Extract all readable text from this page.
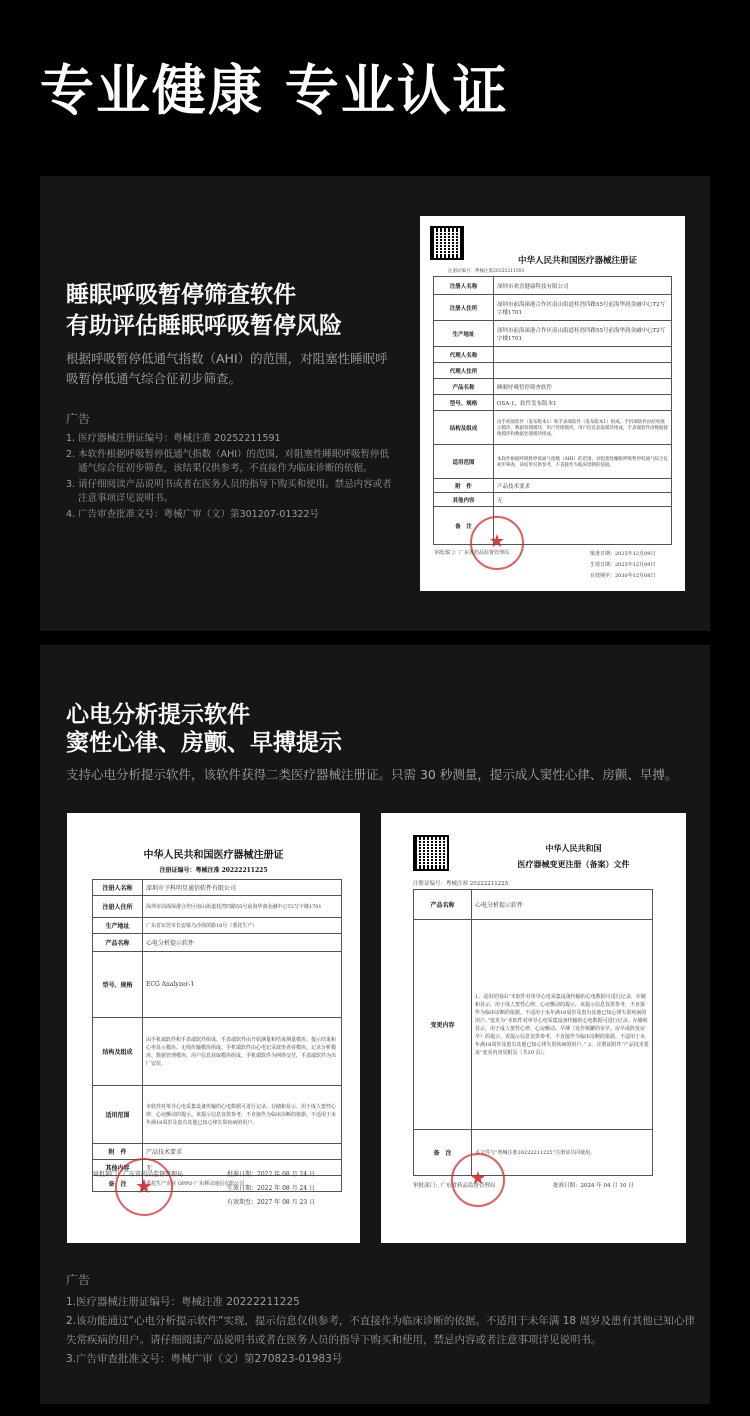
专业健康 专业认证
睡眠呼吸暂停筛查软件
有助评估睡眠呼吸暂停风险

根据呼吸暂停低通气指数（AHI）的范围，对阻塞性睡眠呼吸暂停低通气综合征初步筛查。

广告
1. 医疗器械注册证编号：粤械注准 20252211591
2. 本软件根据呼吸暂停低通气指数（AHI）的范围，对阻塞性睡眠呼吸暂停低通气综合征初步筛查，该结果仅供参考，不直接作为临床诊断的依据。
3. 请仔细阅读产品说明书或者在医务人员的指导下购买和使用。禁忌内容或者注意事项详见说明书。
4. 广告审查批准文号：粤械广审（文）第301207-01322号
中华人民共和国医疗器械注册证
注册证编号：粤械注准20252211591
注册人名称	深圳市欢喜健康科技有限公司
注册人住所	深圳市前海深港合作区南山街道桂湾四路55号前海华润金融中心T2写字楼1701
生产地址	深圳市前海深港合作区南山街道桂湾四路55号前海华润金融中心T2写字楼1701
代理人名称	
代理人住所	
产品名称	睡眠呼吸暂停筛查软件
型号、规格	OSA-1，软件发布版本1
结构及组成	由手机端软件（发布版本1）和手表端软件（发布版本1）组成。手机端软件由结果展示模块、数据管理模块、用户管理模块、用户信息获取模块组成，手表端软件由数据接收模块和数据处理模块组成。
适用范围	本软件根据呼吸暂停低通气指数（AHI）的范围，对阻塞性睡眠呼吸暂停低通气综合征初步筛查，该结果仅供参考，不直接作为临床诊断的依据。
附　件	产品技术要求
其他内容	无
备　注	
★
审批部门：广东省药品监督管理局	批准日期：2025年12月09日
生效日期：2025年12月09日
有效期至：2030年12月08日
心电分析提示软件
窦性心律、房颤、早搏提示

支持心电分析提示软件，该软件获得二类医疗器械注册证。只需 30 秒测量，提示成人窦性心律、房颤、早搏。

中华人民共和国医疗器械注册证
注册证编号：粤械注准 20222211225
注册人名称	深圳市予科明星通信软件有限公司
注册人住所	深圳市前海深港合作区南山街道桂湾四路55号前海华润金融中心T2写字楼1701
生产地址	广东省东莞市长安镇乌沙海滨路18号（委托生产）
产品名称	心电分析提示软件
型号、规格	ECG Analyzer-1
结构及组成	由手机端软件和手表端软件组成。手表端软件由开始测量和结束测量模块、提示结果和心率显示模块、无线传输模块组成。手机端软件由心电记录波形查看模块、记录分析模块、数据管理模块、用户信息获取模块组成。手机端软件为网络交付，手表端软件为出厂安装。
适用范围	本软件对单导心电采集设备传输的心电数据可进行记录、存储和显示，用于成人窦性心律、心房颤动的提示。该提示信息仅供参考，不直接作为临床诊断的依据。不适用于未年满18周岁及患有其他已知心律失常疾病的用户。
附　件	产品技术要求
其他内容	无
备　注	委托生产企业 OPPO 广东移动通信有限公司
★
审批部门：广东省药品监督管理局	批准日期：2022 年 08 月 24 日
生效日期：2022 年 08 月 24 日
有效期至：2027 年 08 月 23 日
中华人民共和国
医疗器械变更注册（备案）文件
注册证编号：粤械注准 20222211225
产品名称	心电分析提示软件
变更内容	1、适用范围由“本软件对单导心电采集设备传输的心电数据可进行记录、存储和显示，用于成人窦性心律、心房颤动的提示，该提示信息仅供参考，不直接作为临床诊断的依据。不适用于未年满18周岁及患有其他已知心律失常疾病的用户。”变更为“本软件对单导心电采集设备传输的心电数据可进行记录、存储和显示，用于成人窦性心律、心房颤动、早搏（发作频繁的室早、房早或阵发房早）的提示，该提示信息仅供参考，不直接作为临床诊断的依据。不适用于未年满18周岁及患有其他已知心律失常疾病的用户。” 2、注册证附件“产品技术要求”变更内容见附页（共10 页）。
备　注	本文件与“粤械注准20222211225”注册证共同使用。
★
审批部门：广东省药品监督管理局	批准日期：2024 年 04 月 10 日
广告
1.医疗器械注册证编号：粤械注准 20222211225
2.该功能通过“心电分析提示软件”实现，提示信息仅供参考，不直接作为临床诊断的依据。不适用于未年满 18 周岁及患有其他已知心律失常疾病的用户。请仔细阅读产品说明书或者在医务人员的指导下购买和使用，禁忌内容或者注意事项详见说明书。
3.广告审查批准文号：粤械广审（文）第270823-01983号
